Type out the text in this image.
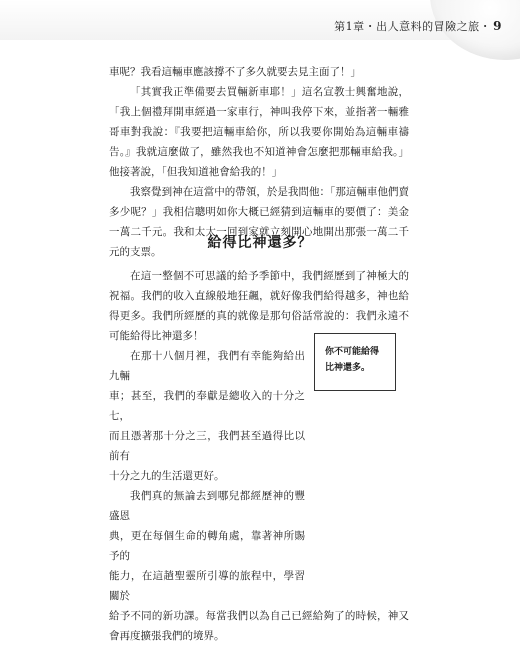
第1章・出人意料的冒險之旅・ 9

車呢？我看這輛車應該撐不了多久就要去見主面了！」

「其實我正準備要去買輛新車耶！」這名宣教士興奮地說，「我上個禮拜開車經過一家車行，神叫我停下來，並指著一輛雅哥車對我說：『我要把這輛車給你，所以我要你開始為這輛車禱告。』我就這麼做了，雖然我也不知道神會怎麼把那輛車給我。」他接著說，「但我知道祂會給我的！」

我察覺到神在這當中的帶領，於是我問他：「那這輛車他們賣多少呢？」我相信聰明如你大概已經猜到這輛車的要價了：美金一萬二千元。我和太太一回到家就立刻開心地開出那張一萬二千元的支票。

給得比神還多？

在這一整個不可思議的給予季節中，我們經歷到了神極大的祝福。我們的收入直線般地狂飆，就好像我們給得越多，神也給得更多。我們所經歷的真的就像是那句俗話常說的：我們永遠不可能給得比神還多！

在那十八個月裡，我們有幸能夠給出九輛

車；甚至，我們的奉獻是總收入的十分之七，

而且憑著那十分之三，我們甚至過得比以前有

十分之九的生活還更好。

我們真的無論去到哪兒都經歷神的豐盛恩

典，更在每個生命的轉角處，靠著神所賜予的

能力，在這趟聖靈所引導的旅程中，學習關於

給予不同的新功課。每當我們以為自己已經給夠了的時候，神又會再度擴張我們的境界。

你不可能給得比神還多。
